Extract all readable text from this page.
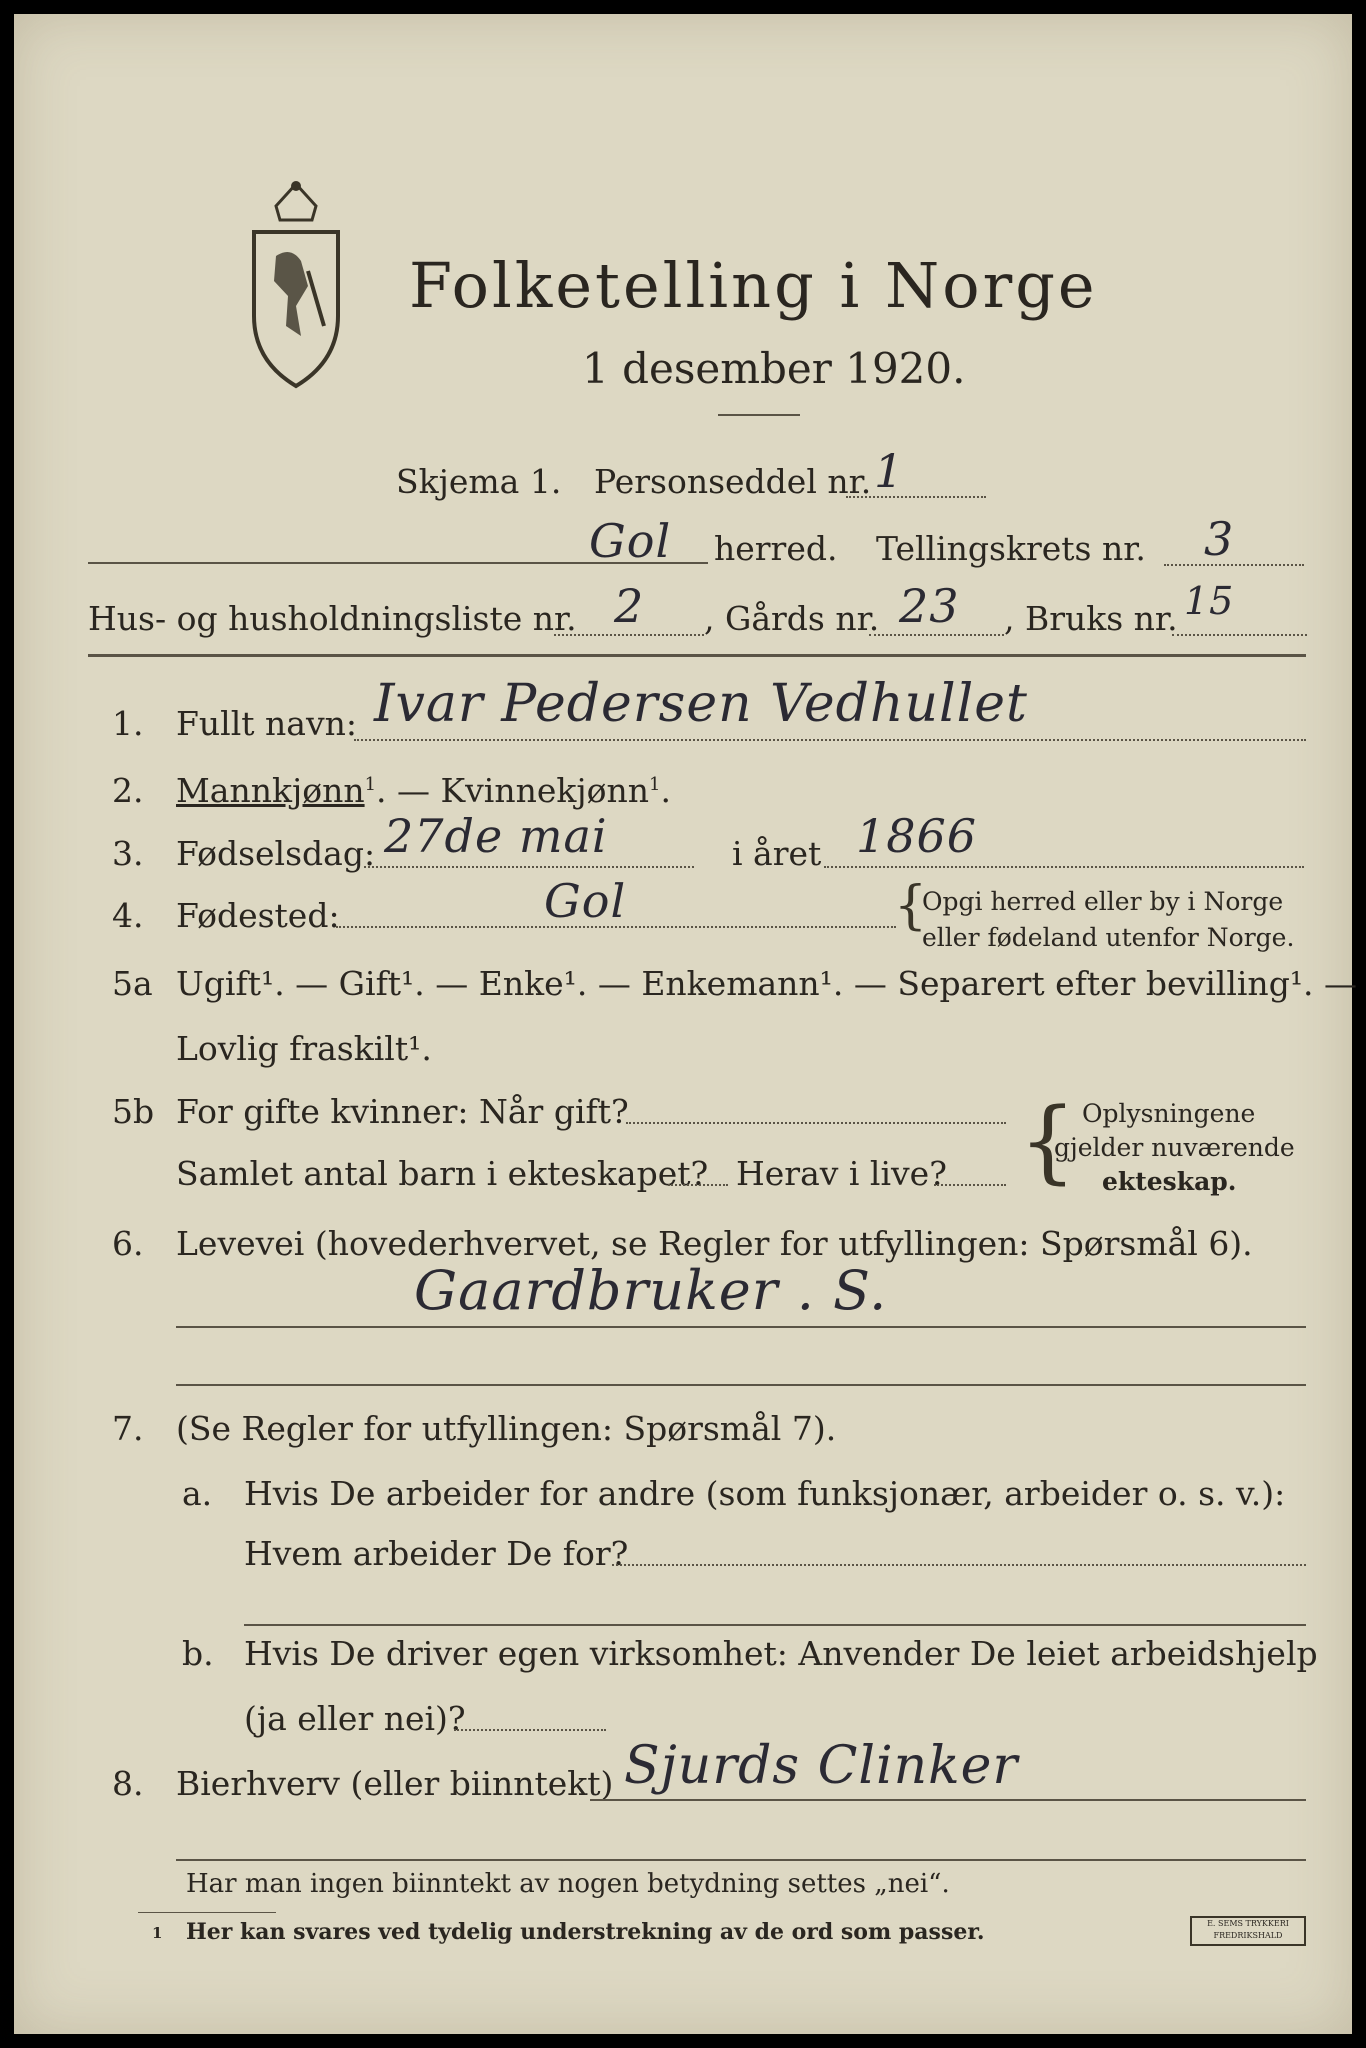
Folketelling i Norge
1 desember 1920.
Skjema 1. Personseddel nr. 1
Gol herred. Tellingskrets nr. 3
Hus- og husholdningsliste nr. 2 , Gårds nr. 23 , Bruks nr. 15
1. Fullt navn: Ivar Pedersen Vedhullet
2. Mannkjønn$^1$. — Kvinnekjønn$^1$.
3. Fødselsdag: 27de mai	i året 1866
4. Fødested:	Gol	{
Opgi herred eller by i Norge
eller fødeland utenfor Norge.
5a Ugift¹. — Gift¹. — Enke¹. — Enkemann¹. — Separert efter bevilling¹. —
Lovlig fraskilt¹.
5b For gifte kvinner: Når gift?
Samlet antal barn i ekteskapet? Herav i live? { Oplysningene
gjelder nuværende
ekteskap.
6. Levevei (hovederhvervet, se Regler for utfyllingen: Spørsmål 6).
Gaardbruker . S.
7. (Se Regler for utfyllingen: Spørsmål 7).
a. Hvis De arbeider for andre (som funksjonær, arbeider o. s. v.):
Hvem arbeider De for?
b. Hvis De driver egen virksomhet: Anvender De leiet arbeidshjelp
(ja eller nei)?
8. Bierhverv (eller biinntekt) Sjurds Clinker
Har man ingen biinntekt av nogen betydning settes „nei“.
1 Her kan svares ved tydelig understrekning av de ord som passer.	E. SEMS TRYKKERI FREDRIKSHALD
